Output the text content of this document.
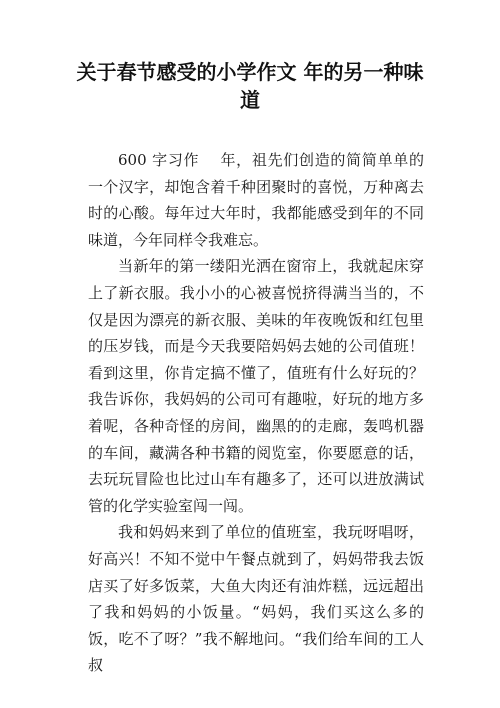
关于春节感受的小学作文 年的另一种味道

600 字习作　 年，祖先们创造的简简单单的一个汉字，却饱含着千种团聚时的喜悦，万种离去时的心酸。每年过大年时，我都能感受到年的不同味道，今年同样令我难忘。

当新年的第一缕阳光洒在窗帘上，我就起床穿上了新衣服。我小小的心被喜悦挤得满当当的，不仅是因为漂亮的新衣服、美味的年夜晚饭和红包里的压岁钱，而是今天我要陪妈妈去她的公司值班！看到这里，你肯定搞不懂了，值班有什么好玩的？我告诉你，我妈妈的公司可有趣啦，好玩的地方多着呢，各种奇怪的房间，幽黑的的走廊，轰鸣机器的车间，藏满各种书籍的阅览室，你要愿意的话，去玩玩冒险也比过山车有趣多了，还可以进放满试管的化学实验室闯一闯。

我和妈妈来到了单位的值班室，我玩呀唱呀，好高兴！不知不觉中午餐点就到了，妈妈带我去饭店买了好多饭菜，大鱼大肉还有油炸糕，远远超出了我和妈妈的小饭量。“妈妈，我们买这么多的饭，吃不了呀？”我不解地问。“我们给车间的工人叔
